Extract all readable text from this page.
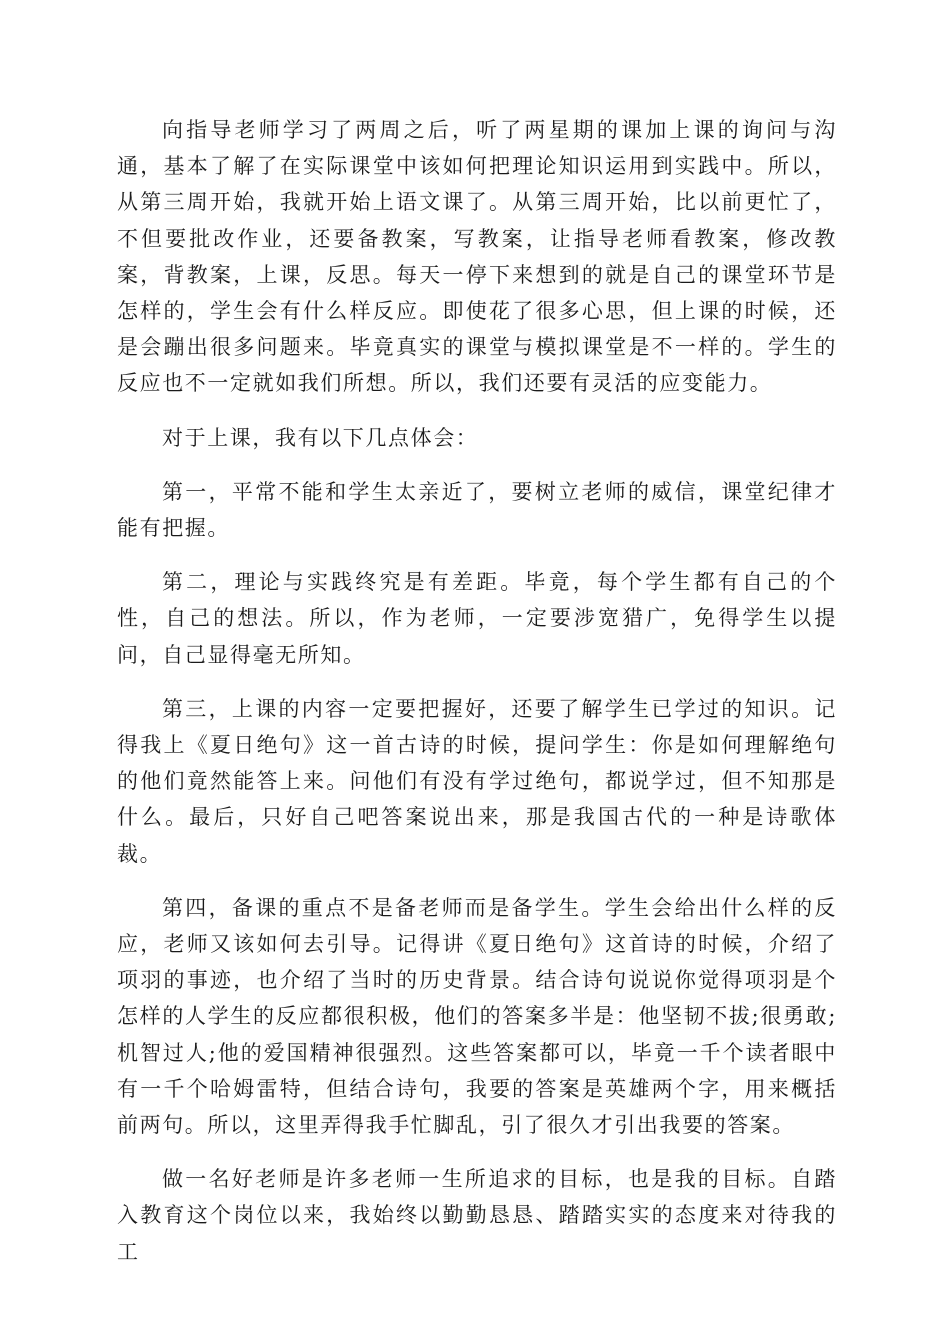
向指导老师学习了两周之后，听了两星期的课加上课的询问与沟通，基本了解了在实际课堂中该如何把理论知识运用到实践中。所以，从第三周开始，我就开始上语文课了。从第三周开始，比以前更忙了，不但要批改作业，还要备教案，写教案，让指导老师看教案，修改教案，背教案，上课，反思。每天一停下来想到的就是自己的课堂环节是怎样的，学生会有什么样反应。即使花了很多心思，但上课的时候，还是会蹦出很多问题来。毕竟真实的课堂与模拟课堂是不一样的。学生的反应也不一定就如我们所想。所以，我们还要有灵活的应变能力。

对于上课，我有以下几点体会：

第一，平常不能和学生太亲近了，要树立老师的威信，课堂纪律才能有把握。

第二，理论与实践终究是有差距。毕竟，每个学生都有自己的个性，自己的想法。所以，作为老师，一定要涉宽猎广，免得学生以提问，自己显得毫无所知。

第三，上课的内容一定要把握好，还要了解学生已学过的知识。记得我上《夏日绝句》这一首古诗的时候，提问学生：你是如何理解绝句的他们竟然能答上来。问他们有没有学过绝句，都说学过，但不知那是什么。最后，只好自己吧答案说出来，那是我国古代的一种是诗歌体裁。

第四，备课的重点不是备老师而是备学生。学生会给出什么样的反应，老师又该如何去引导。记得讲《夏日绝句》这首诗的时候，介绍了项羽的事迹，也介绍了当时的历史背景。结合诗句说说你觉得项羽是个怎样的人学生的反应都很积极，他们的答案多半是：他坚韧不拔;很勇敢;机智过人;他的爱国精神很强烈。这些答案都可以，毕竟一千个读者眼中有一千个哈姆雷特，但结合诗句，我要的答案是英雄两个字，用来概括前两句。所以，这里弄得我手忙脚乱，引了很久才引出我要的答案。

做一名好老师是许多老师一生所追求的目标，也是我的目标。自踏入教育这个岗位以来，我始终以勤勤恳恳、踏踏实实的态度来对待我的工
